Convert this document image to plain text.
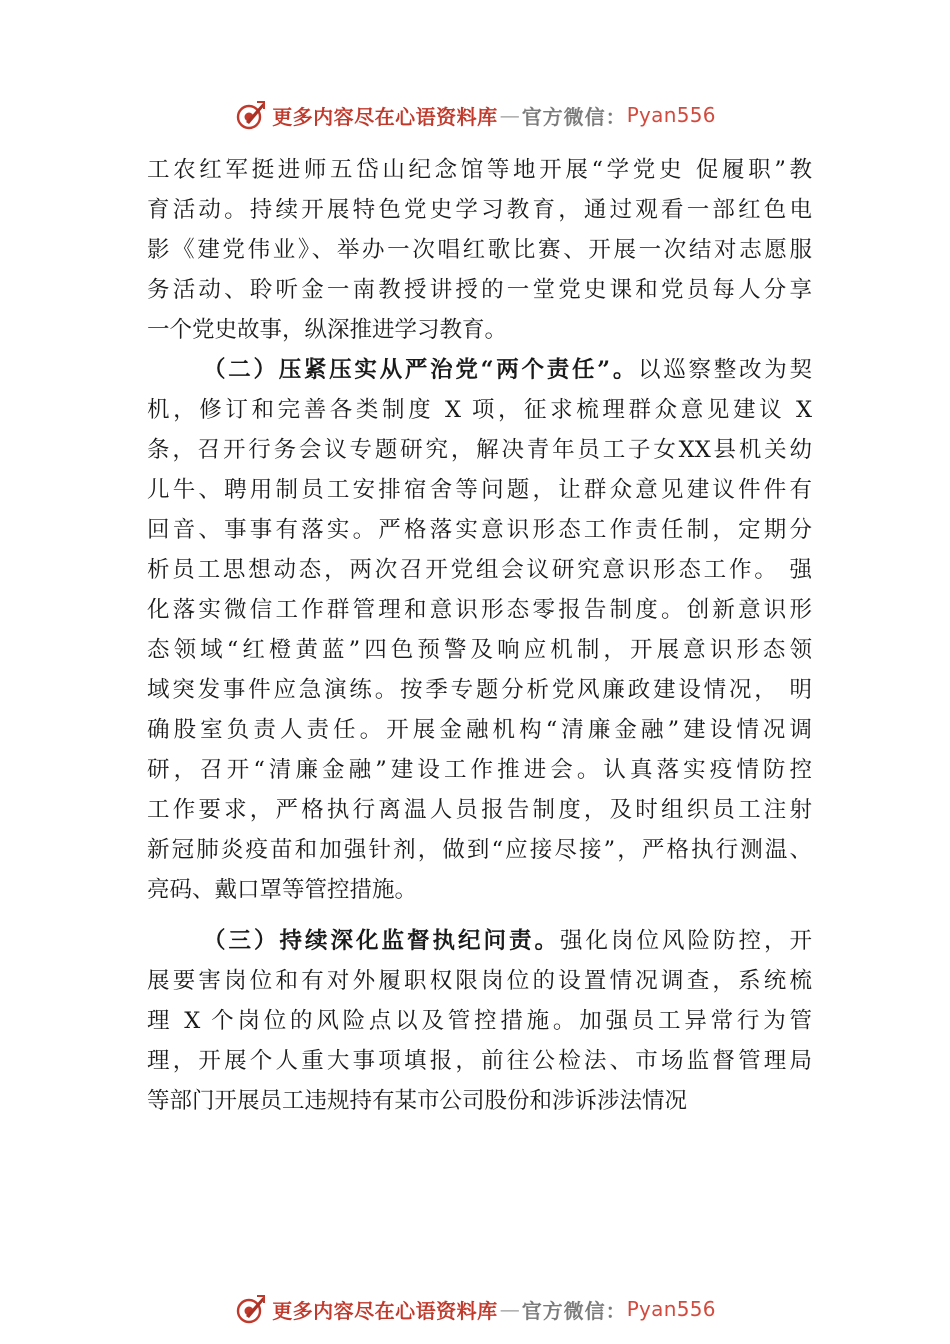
更多内容尽在心语资料库 — 官方微信： Pyan556
工农红军挺进师五岱山纪念馆等地开展“学党史 促履职”教
育活动。持续开展特色党史学习教育，通过观看一部红色电
影《建党伟业》、举办一次唱红歌比赛、开展一次结对志愿服
务活动、聆听金一南教授讲授的一堂党史课和党员每人分享
一个党史故事，纵深推进学习教育。
（二）压紧压实从严治党“两个责任”。以巡察整改为契
机，修订和完善各类制度 X 项，征求梳理群众意见建议 X
条，召开行务会议专题研究，解决青年员工子女XX县机关幼
儿⽜、聘用制员工安排宿舍等问题，让群众意见建议件件有
回音、事事有落实。严格落实意识形态工作责任制，定期分
析员工思想动态，两次召开党组会议研究意识形态工作。 强
化落实微信工作群管理和意识形态零报告制度。创新意识形
态领域“红橙黄蓝”四色预警及响应机制，开展意识形态领
域突发事件应急演练。按季专题分析党风廉政建设情况， 明
确股室负责人责任。开展金融机构“清廉金融”建设情况调
研，召开“清廉金融”建设工作推进会。认真落实疫情防控
工作要求，严格执行离温人员报告制度，及时组织员工注射
新冠肺炎疫苗和加强针剂，做到“应接尽接”，严格执行测温、
亮码、戴口罩等管控措施。
（三）持续深化监督执纪问责。强化岗位风险防控，开
展要害岗位和有对外履职权限岗位的设置情况调查，系统梳
理 X 个岗位的风险点以及管控措施。加强员工异常行为管
理，开展个人重大事项填报，前往公检法、市场监督管理局
等部门开展员工违规持有某市公司股份和涉诉涉法情况
更多内容尽在心语资料库 — 官方微信： Pyan556
